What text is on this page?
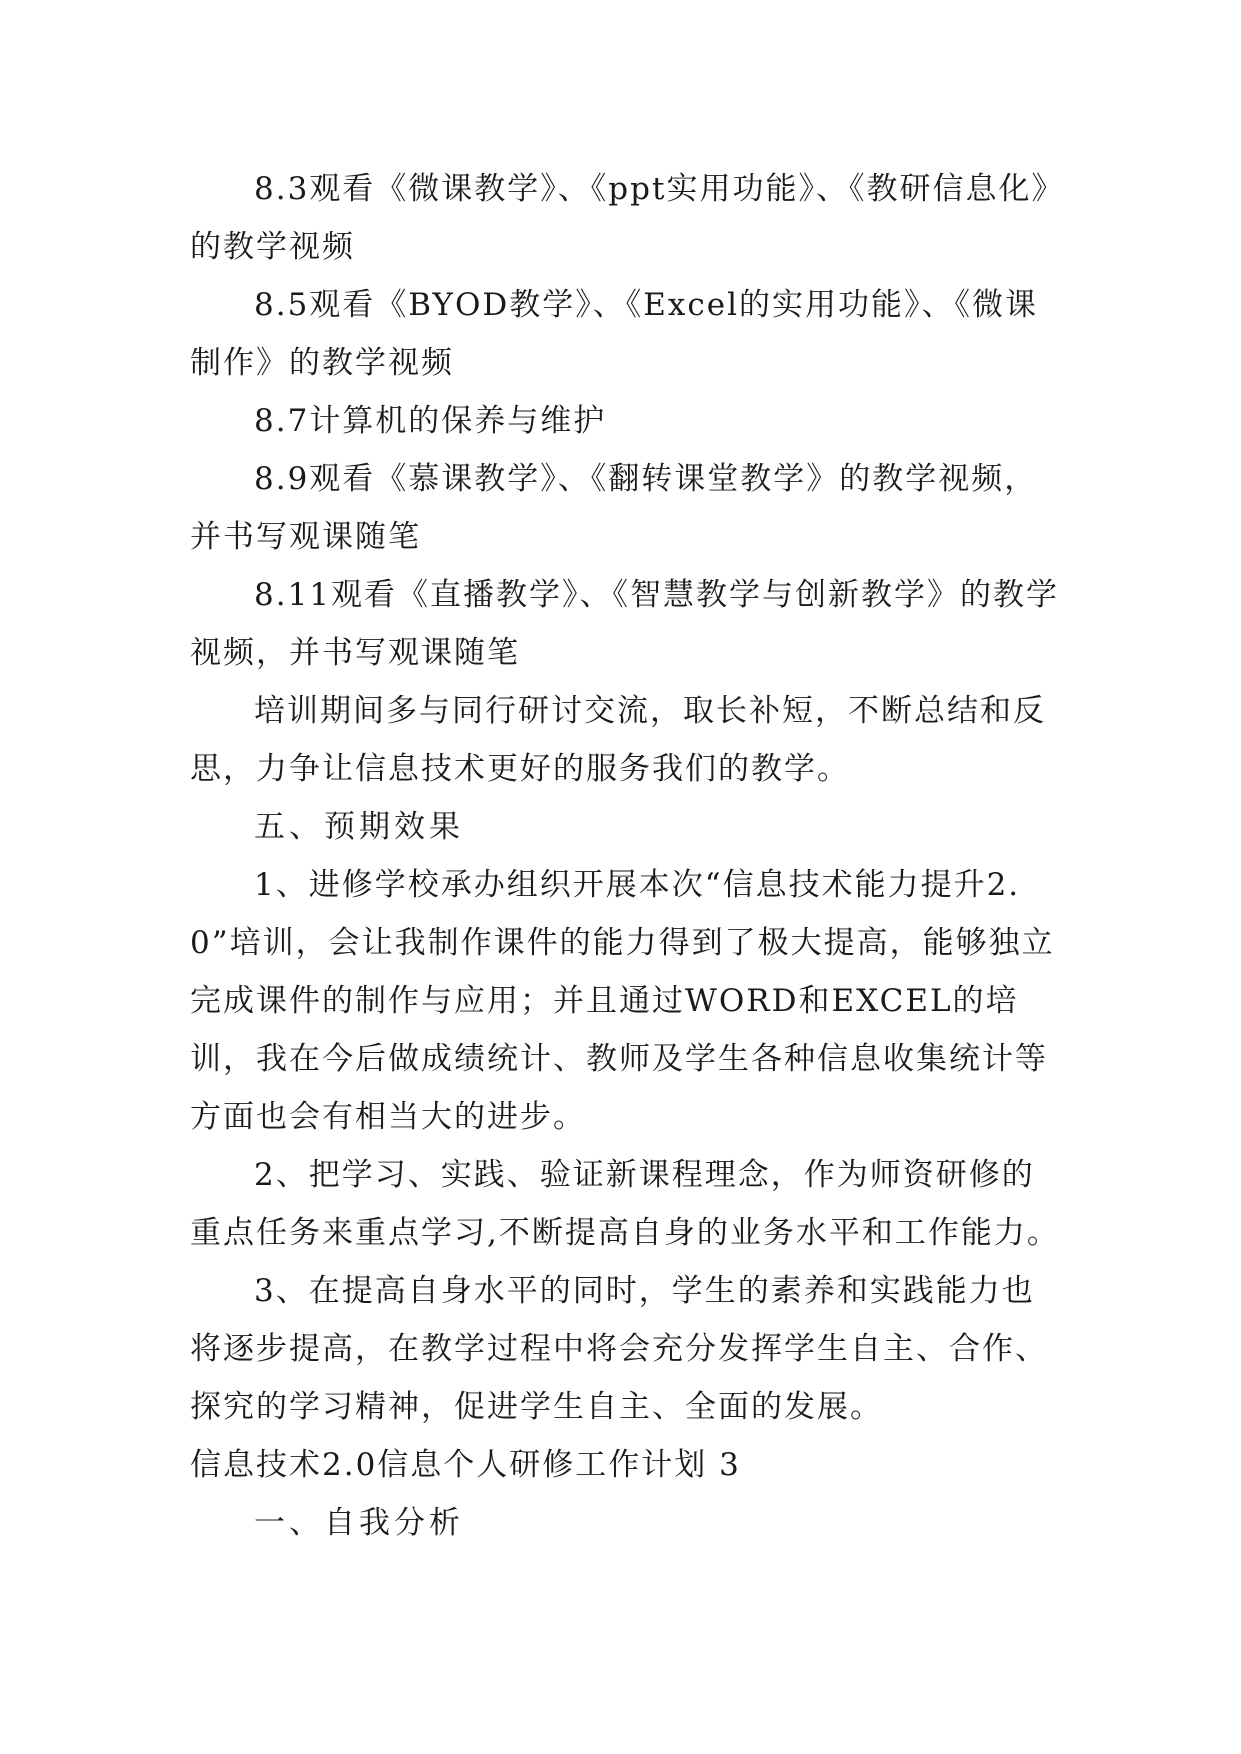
8.3观看《微课教学》、《ppt实用功能》、《教研信息化》的教学视频

8.5观看《BYOD教学》、《Excel的实用功能》、《微课制作》的教学视频

8.7计算机的保养与维护

8.9观看《慕课教学》、《翻转课堂教学》的教学视频，并书写观课随笔

8.11观看《直播教学》、《智慧教学与创新教学》的教学视频，并书写观课随笔

培训期间多与同行研讨交流，取长补短，不断总结和反思，力争让信息技术更好的服务我们的教学。

五、预期效果

1、进修学校承办组织开展本次“信息技术能力提升2.0”培训，会让我制作课件的能力得到了极大提高，能够独立完成课件的制作与应用；并且通过WORD和EXCEL的培训，我在今后做成绩统计、教师及学生各种信息收集统计等方面也会有相当大的进步。

2、把学习、实践、验证新课程理念，作为师资研修的重点任务来重点学习,不断提高自身的业务水平和工作能力。

3、在提高自身水平的同时，学生的素养和实践能力也将逐步提高，在教学过程中将会充分发挥学生自主、合作、探究的学习精神，促进学生自主、全面的发展。

信息技术2.0信息个人研修工作计划 3

一、自我分析
